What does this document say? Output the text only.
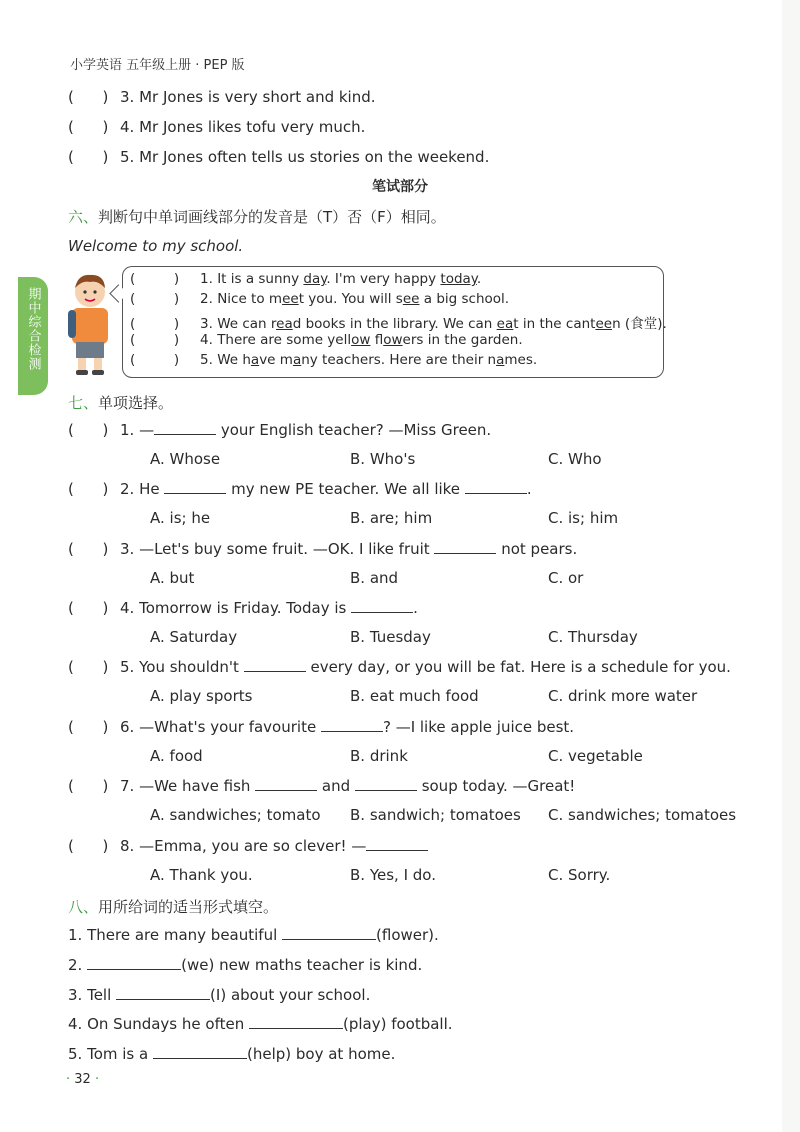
小学英语 五年级上册 · PEP 版
期中综合检测
(      ) 3. Mr Jones is very short and kind.
(      ) 4. Mr Jones likes tofu very much.
(      ) 5. Mr Jones often tells us stories on the weekend.
笔试部分
六、判断句中单词画线部分的发音是（T）否（F）相同。
Welcome to my school.
(         ) 1. It is a sunny day. I'm very happy today.
(         ) 2. Nice to meet you. You will see a big school.
(         ) 3. We can read books in the library. We can eat in the canteen (食堂).
(         ) 4. There are some yellow flowers in the garden.
(         ) 5. We have many teachers. Here are their names.
七、单项选择。
(      ) 1. —	your English teacher? —Miss Green.
A. Whose	B. Who's	C. Who
(      ) 2. He	my new PE teacher. We all like	.
A. is; he	B. are; him	C. is; him
(      ) 3. —Let's buy some fruit. —OK. I like fruit	not pears.
A. but	B. and	C. or
(      ) 4. Tomorrow is Friday. Today is	.
A. Saturday	B. Tuesday	C. Thursday
(      ) 5. You shouldn't	every day, or you will be fat. Here is a schedule for you.
A. play sports	B. eat much food	C. drink more water
(      ) 6. —What's your favourite	? —I like apple juice best.
A. food	B. drink	C. vegetable
(      ) 7. —We have fish	and	soup today. —Great!
A. sandwiches; tomato B. sandwich; tomatoes C. sandwiches; tomatoes
(      ) 8. —Emma, you are so clever! —
A. Thank you.	B. Yes, I do.	C. Sorry.
八、用所给词的适当形式填空。
1. There are many beautiful	(flower).
2.	(we) new maths teacher is kind.
3. Tell	(I) about your school.
4. On Sundays he often	(play) football.
5. Tom is a	(help) boy at home.
· 32 ·
